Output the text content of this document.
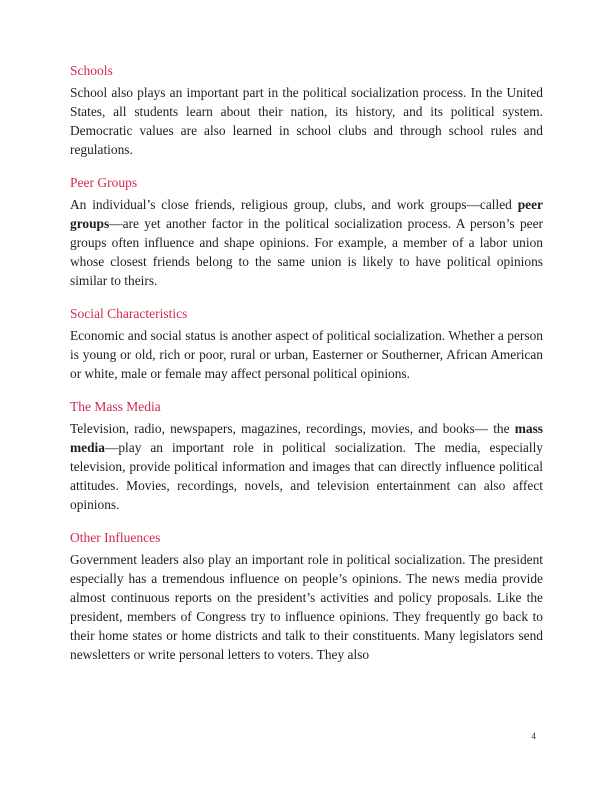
Schools

School also plays an important part in the political socialization process. In the United States, all students learn about their nation, its history, and its political system. Democratic values are also learned in school clubs and through school rules and regulations.

Peer Groups

An individual’s close friends, religious group, clubs, and work groups—called peer groups—are yet another factor in the political socialization process. A person’s peer groups often influence and shape opinions. For example, a member of a labor union whose closest friends belong to the same union is likely to have political opinions similar to theirs.

Social Characteristics

Economic and social status is another aspect of political socialization. Whether a person is young or old, rich or poor, rural or urban, Easterner or Southerner, African American or white, male or female may affect personal political opinions.

The Mass Media

Television, radio, newspapers, magazines, recordings, movies, and books— the mass media—play an important role in political socialization. The media, especially television, provide political information and images that can directly influence political attitudes. Movies, recordings, novels, and television entertainment can also affect opinions.

Other Influences

Government leaders also play an important role in political socialization. The president especially has a tremendous influence on people’s opinions. The news media provide almost continuous reports on the president’s activities and policy proposals. Like the president, members of Congress try to influence opinions. They frequently go back to their home states or home districts and talk to their constituents. Many legislators send newsletters or write personal letters to voters. They also

4
